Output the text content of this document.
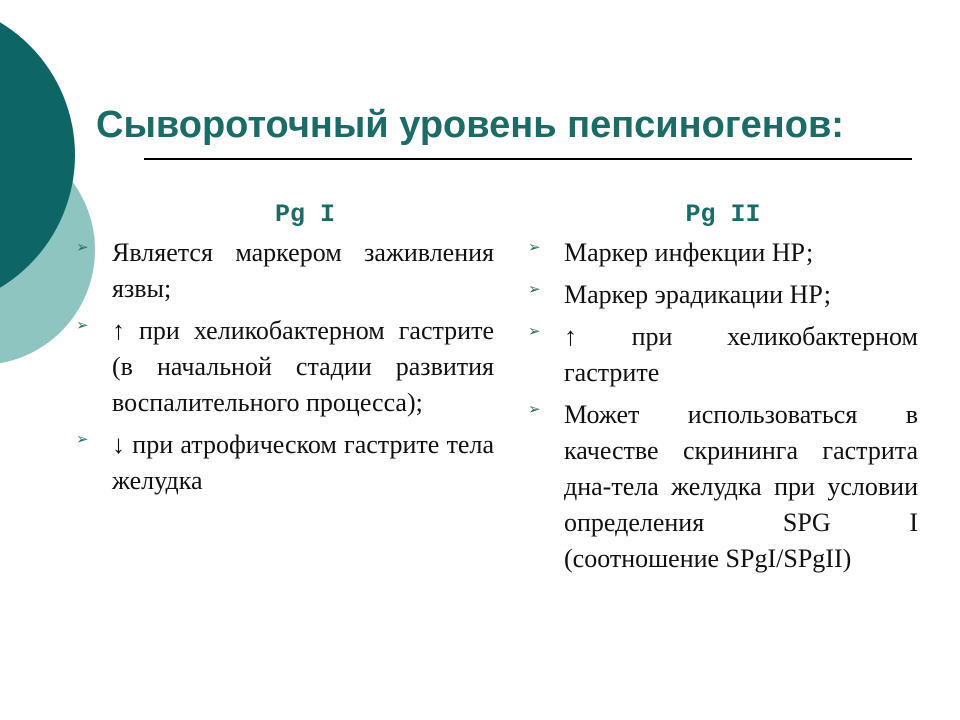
Сывороточный уровень пепсиногенов:
Pg I
➢ Является маркером заживления язвы;
➢ ↑ при хеликобактерном гастрите (в начальной стадии развития воспалительного процесса);
➢ ↓ при атрофическом гастрите тела желудка
Pg II
➢ Маркер инфекции НР;
➢ Маркер эрадикации НР;
➢ ↑ при хеликобактерном гастрите
➢ Может использоваться в качестве скрининга гастрита дна-тела желудка при условии определения SPG I (соотношение SPgI/SPgII)
